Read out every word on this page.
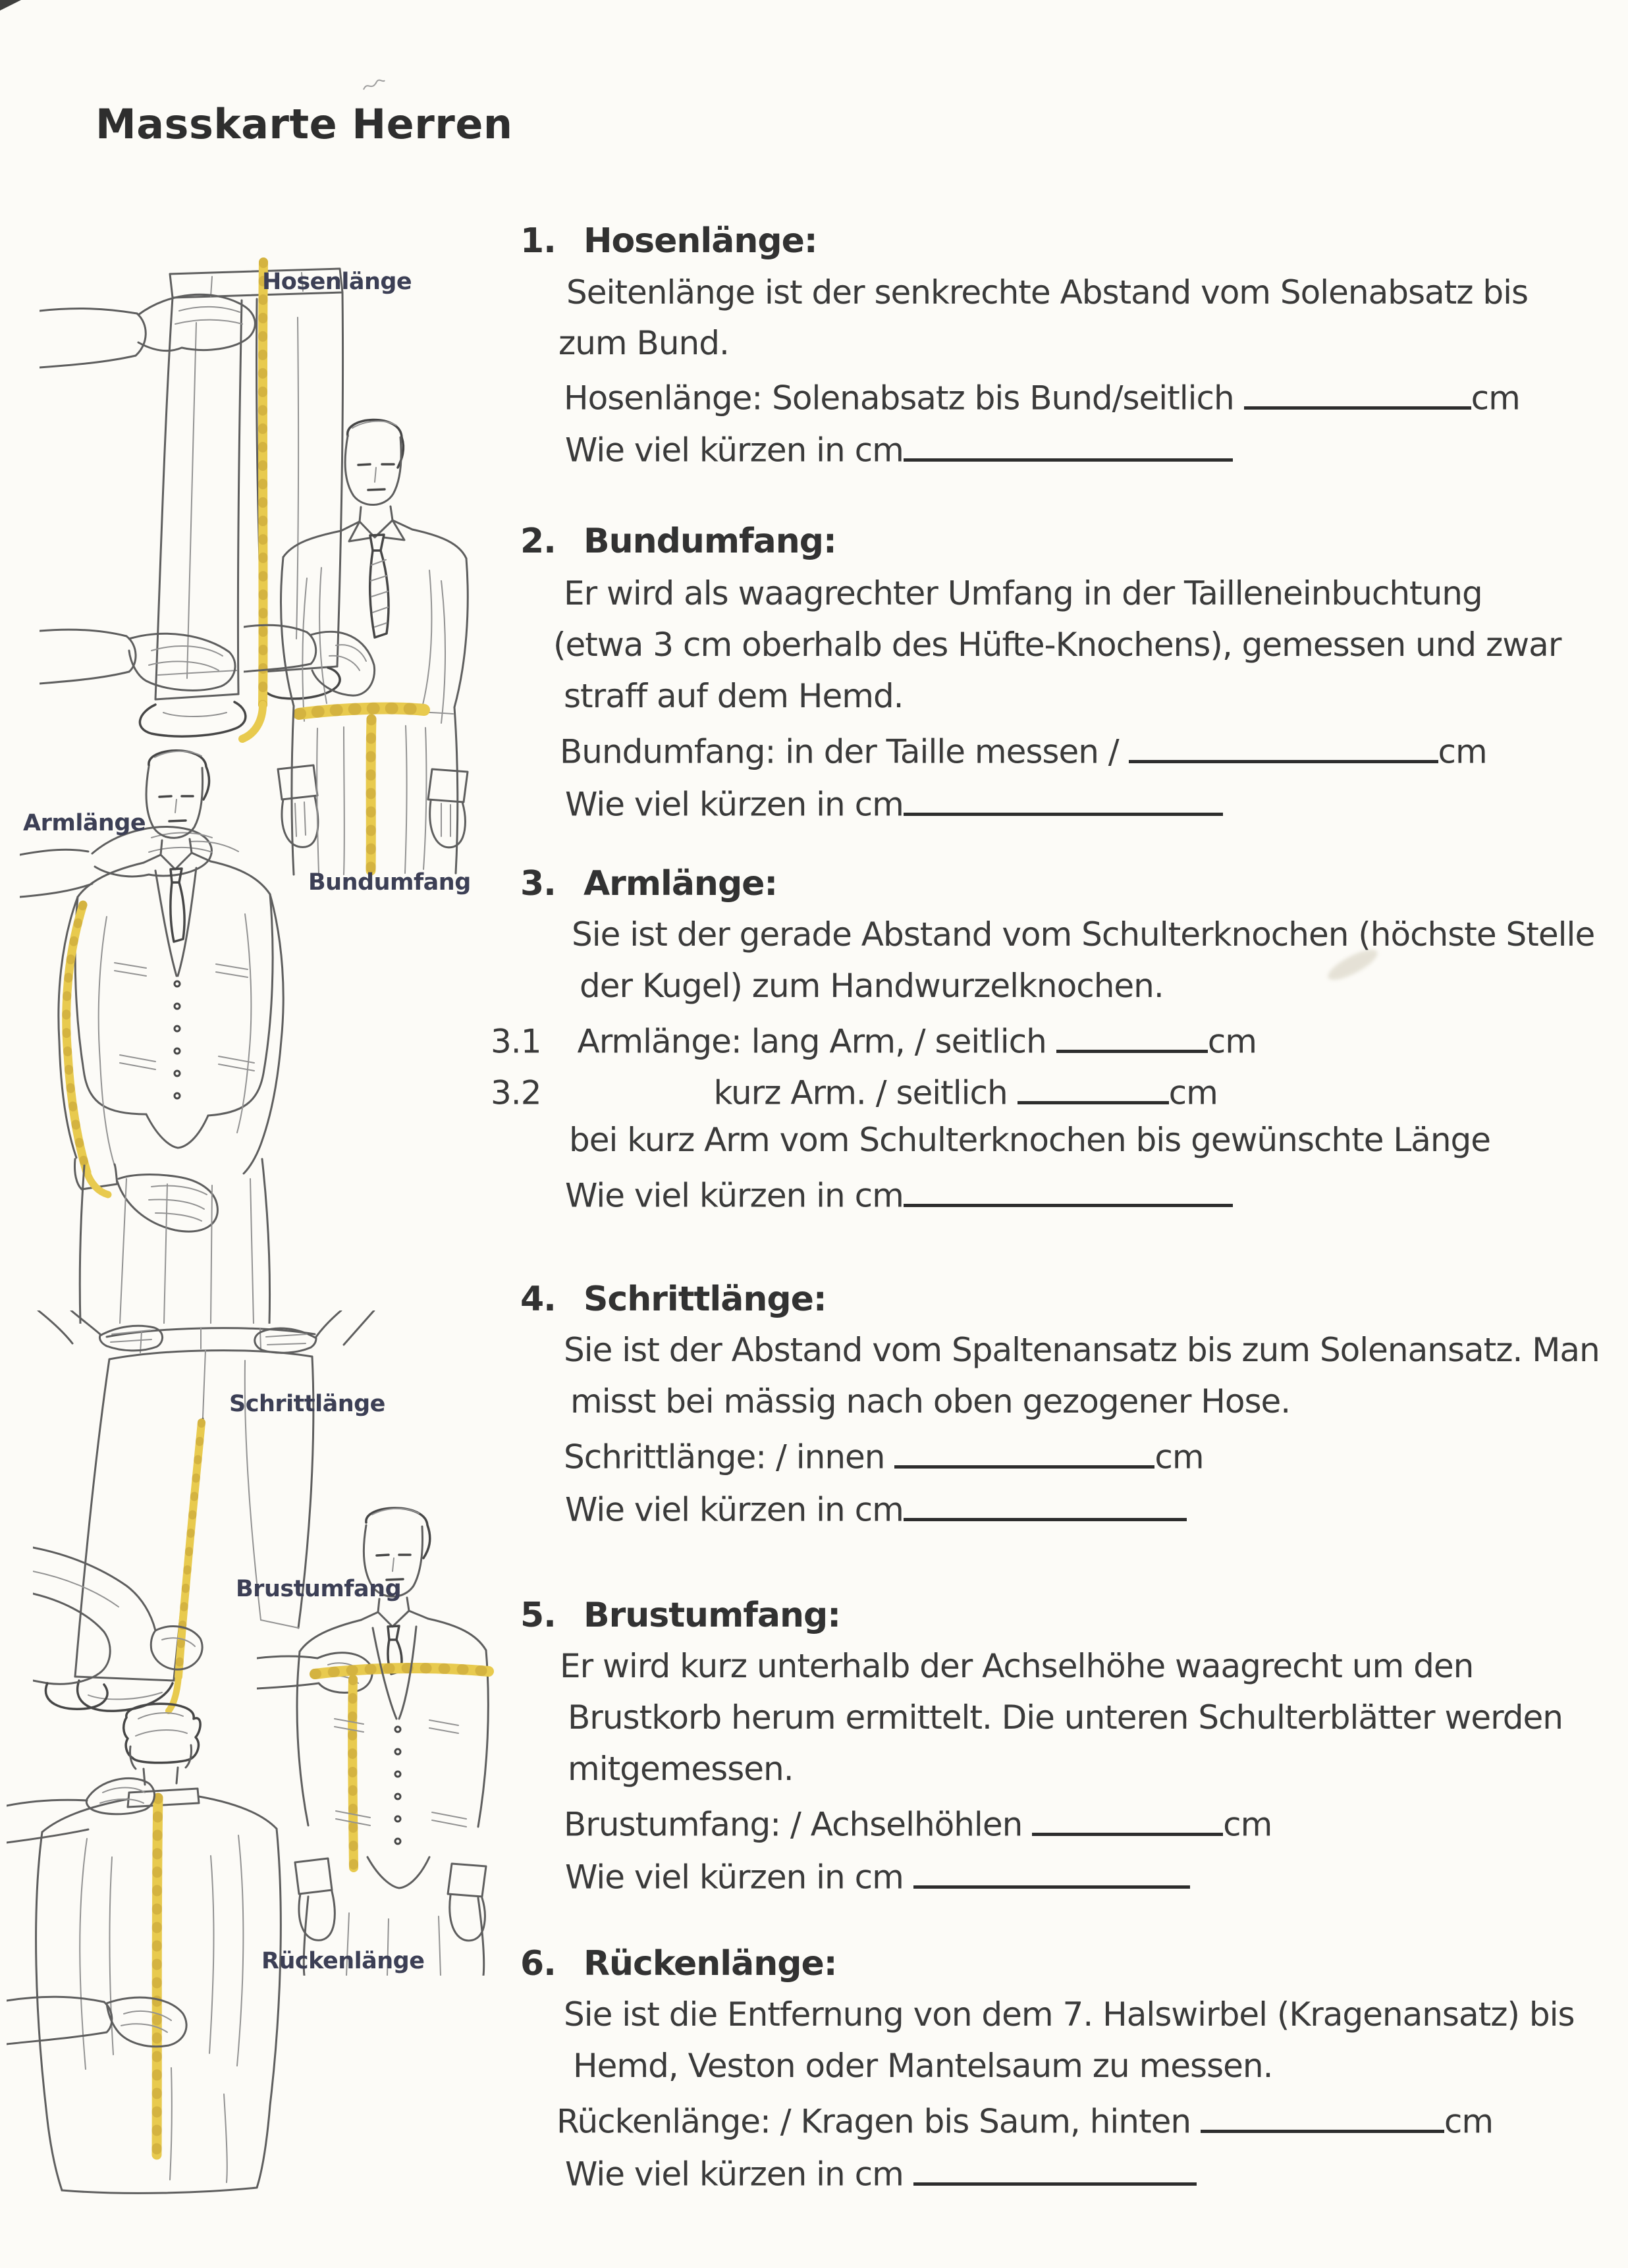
Masskarte Herren
Hosenlänge
Armlänge
Bundumfang
Schrittlänge
Brustumfang
Rückenlänge
1. Hosenlänge:
Seitenlänge ist der senkrechte Abstand vom Solenabsatz bis
zum Bund.
Hosenlänge: Solenabsatz bis Bund/seitlich	cm
Wie viel kürzen in cm
2. Bundumfang:
Er wird als waagrechter Umfang in der Tailleneinbuchtung
(etwa 3 cm oberhalb des Hüfte-Knochens), gemessen und zwar
straff auf dem Hemd.
Bundumfang: in der Taille messen /	cm
Wie viel kürzen in cm
3. Armlänge:
Sie ist der gerade Abstand vom Schulterknochen (höchste Stelle
der Kugel) zum Handwurzelknochen.
3.1 Armlänge: lang Arm, / seitlich	cm
3.2	kurz Arm. / seitlich	cm
bei kurz Arm vom Schulterknochen bis gewünschte Länge
Wie viel kürzen in cm
4. Schrittlänge:
Sie ist der Abstand vom Spaltenansatz bis zum Solenansatz. Man
misst bei mässig nach oben gezogener Hose.
Schrittlänge: / innen	cm
Wie viel kürzen in cm
5. Brustumfang:
Er wird kurz unterhalb der Achselhöhe waagrecht um den
Brustkorb herum ermittelt. Die unteren Schulterblätter werden
mitgemessen.
Brustumfang: / Achselhöhlen	cm
Wie viel kürzen in cm
6. Rückenlänge:
Sie ist die Entfernung von dem 7. Halswirbel (Kragenansatz) bis
Hemd, Veston oder Mantelsaum zu messen.
Rückenlänge: / Kragen bis Saum, hinten	cm
Wie viel kürzen in cm
